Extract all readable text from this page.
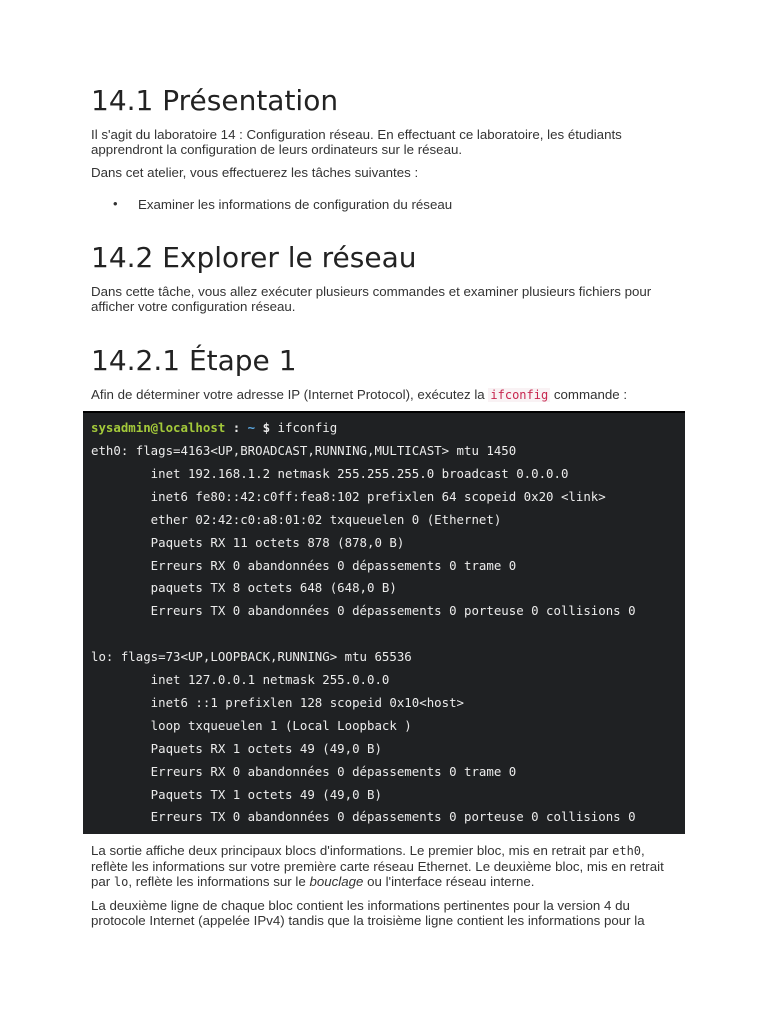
14.1 Présentation

Il s'agit du laboratoire 14 : Configuration réseau. En effectuant ce laboratoire, les étudiants apprendront la configuration de leurs ordinateurs sur le réseau.

Dans cet atelier, vous effectuerez les tâches suivantes :

• Examiner les informations de configuration du réseau
14.2 Explorer le réseau

Dans cette tâche, vous allez exécuter plusieurs commandes et examiner plusieurs fichiers pour afficher votre configuration réseau.

14.2.1 Étape 1

Afin de déterminer votre adresse IP (Internet Protocol), exécutez la ifconfig commande :

La sortie affiche deux principaux blocs d'informations. Le premier bloc, mis en retrait par eth0, reflète les informations sur votre première carte réseau Ethernet. Le deuxième bloc, mis en retrait par lo, reflète les informations sur le bouclage ou l'interface réseau interne.

La deuxième ligne de chaque bloc contient les informations pertinentes pour la version 4 du protocole Internet (appelée IPv4) tandis que la troisième ligne contient les informations pour la

sysadmin@localhost : ~ $ ifconfig
eth0: flags=4163<UP,BROADCAST,RUNNING,MULTICAST> mtu 1450
inet 192.168.1.2 netmask 255.255.255.0 broadcast 0.0.0.0
inet6 fe80::42:c0ff:fea8:102 prefixlen 64 scopeid 0x20 <link>
ether 02:42:c0:a8:01:02 txqueuelen 0 (Ethernet)
Paquets RX 11 octets 878 (878,0 B)
Erreurs RX 0 abandonnées 0 dépassements 0 trame 0
paquets TX 8 octets 648 (648,0 B)
Erreurs TX 0 abandonnées 0 dépassements 0 porteuse 0 collisions 0
lo: flags=73<UP,LOOPBACK,RUNNING> mtu 65536
inet 127.0.0.1 netmask 255.0.0.0
inet6 ::1 prefixlen 128 scopeid 0x10<host>
loop txqueuelen 1 (Local Loopback )
Paquets RX 1 octets 49 (49,0 B)
Erreurs RX 0 abandonnées 0 dépassements 0 trame 0
Paquets TX 1 octets 49 (49,0 B)
Erreurs TX 0 abandonnées 0 dépassements 0 porteuse 0 collisions 0
